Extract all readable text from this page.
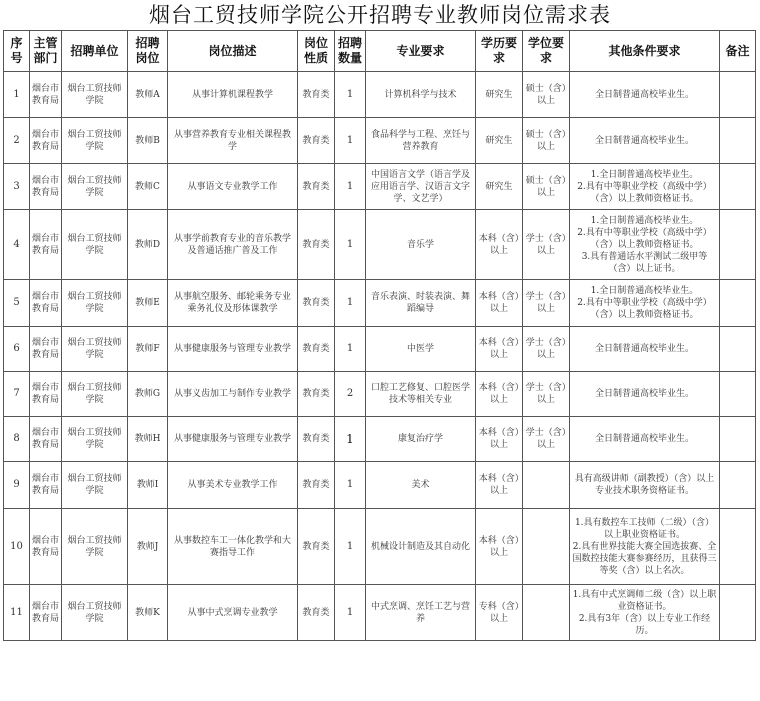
烟台工贸技师学院公开招聘专业教师岗位需求表
序号	主管部门	招聘单位	招聘岗位	岗位描述	岗位性质	招聘数量	专业要求	学历要求	学位要求	其他条件要求	备注
1	烟台市教育局	烟台工贸技师学院	教师A	从事计算机课程教学	教育类	1	计算机科学与技术	研究生	硕士（含）以上	全日制普通高校毕业生。	
2	烟台市教育局	烟台工贸技师学院	教师B	从事营养教育专业相关课程教学	教育类	1	食品科学与工程、烹饪与营养教育	研究生	硕士（含）以上	全日制普通高校毕业生。	
3	烟台市教育局	烟台工贸技师学院	教师C	从事语文专业教学工作	教育类	1	中国语言文学（语言学及应用语言学、汉语言文字学、文艺学）	研究生	硕士（含）以上	1.全日制普通高校毕业生。
2.具有中等职业学校（高级中学）（含）以上教师资格证书。	
4	烟台市教育局	烟台工贸技师学院	教师D	从事学前教育专业的音乐教学及普通话推广普及工作	教育类	1	音乐学	本科（含）以上	学士（含）以上	1.全日制普通高校毕业生。
2.具有中等职业学校（高级中学）（含）以上教师资格证书。
3.具有普通话水平测试二级甲等（含）以上证书。	
5	烟台市教育局	烟台工贸技师学院	教师E	从事航空服务、邮轮乘务专业乘务礼仪及形体课教学	教育类	1	音乐表演、时装表演、舞蹈编导	本科（含）以上	学士（含）以上	1.全日制普通高校毕业生。
2.具有中等职业学校（高级中学）（含）以上教师资格证书。	
6	烟台市教育局	烟台工贸技师学院	教师F	从事健康服务与管理专业教学	教育类	1	中医学	本科（含）以上	学士（含）以上	全日制普通高校毕业生。	
7	烟台市教育局	烟台工贸技师学院	教师G	从事义齿加工与制作专业教学	教育类	2	口腔工艺修复、口腔医学技术等相关专业	本科（含）以上	学士（含）以上	全日制普通高校毕业生。	
8	烟台市教育局	烟台工贸技师学院	教师H	从事健康服务与管理专业教学	教育类	1	康复治疗学	本科（含）以上	学士（含）以上	全日制普通高校毕业生。	
9	烟台市教育局	烟台工贸技师学院	教师I	从事美术专业教学工作	教育类	1	美术	本科（含）以上		具有高级讲师（副教授）（含）以上专业技术职务资格证书。	
10	烟台市教育局	烟台工贸技师学院	教师J	从事数控车工一体化教学和大赛指导工作	教育类	1	机械设计制造及其自动化	本科（含）以上		1.具有数控车工技师（二级）（含）以上职业资格证书。
2.具有世界技能大赛全国选拔赛、全国数控技能大赛参赛经历，且获得三等奖（含）以上名次。	
11	烟台市教育局	烟台工贸技师学院	教师K	从事中式烹调专业教学	教育类	1	中式烹调、烹饪工艺与营养	专科（含）以上		1.具有中式烹调师二级（含）以上职业资格证书。
2.具有3年（含）以上专业工作经历。	
